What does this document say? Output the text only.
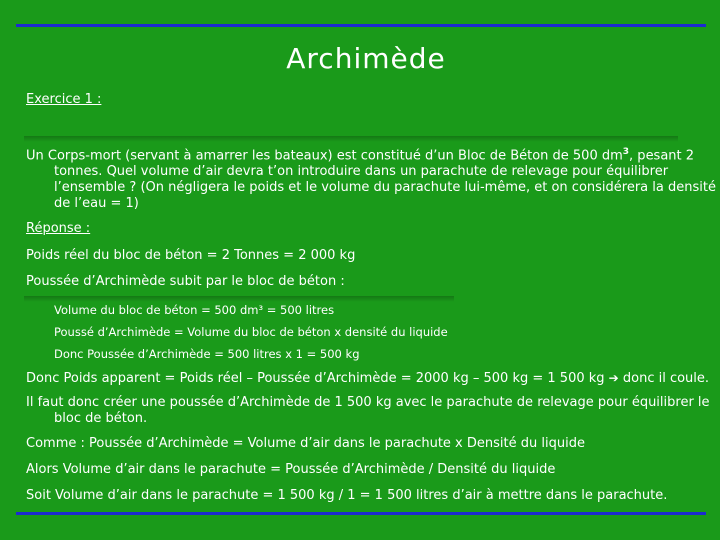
Archimède
Exercice 1 :
Un Corps-mort (servant à amarrer les bateaux) est constitué d’un Bloc de Béton de 500 $dm^3$, pesant 2 tonnes. Quel volume d’air devra t’on introduire dans un parachute de relevage pour équilibrer l’ensemble ? (On négligera le poids et le volume du parachute lui-même, et on considérera la densité de l’eau = 1)
Réponse :
Poids réel du bloc de béton = 2 Tonnes = 2 000 kg
Poussée d’Archimède subit par le bloc de béton :
Volume du bloc de béton = 500 dm³ = 500 litres
Poussé d’Archimède = Volume du bloc de béton x densité du liquide
Donc Poussée d’Archimède = 500 litres x 1 = 500 kg
Donc Poids apparent = Poids réel – Poussée d’Archimède = 2000 kg – 500 kg = 1 500 kg ➔ donc il coule.
Il faut donc créer une poussée d’Archimède de 1 500 kg avec le parachute de relevage pour équilibrer le bloc de béton.
Comme : Poussée d’Archimède = Volume d’air dans le parachute x Densité du liquide
Alors Volume d’air dans le parachute = Poussée d’Archimède / Densité du liquide
Soit Volume d’air dans le parachute = 1 500 kg / 1 = 1 500 litres d’air à mettre dans le parachute.
